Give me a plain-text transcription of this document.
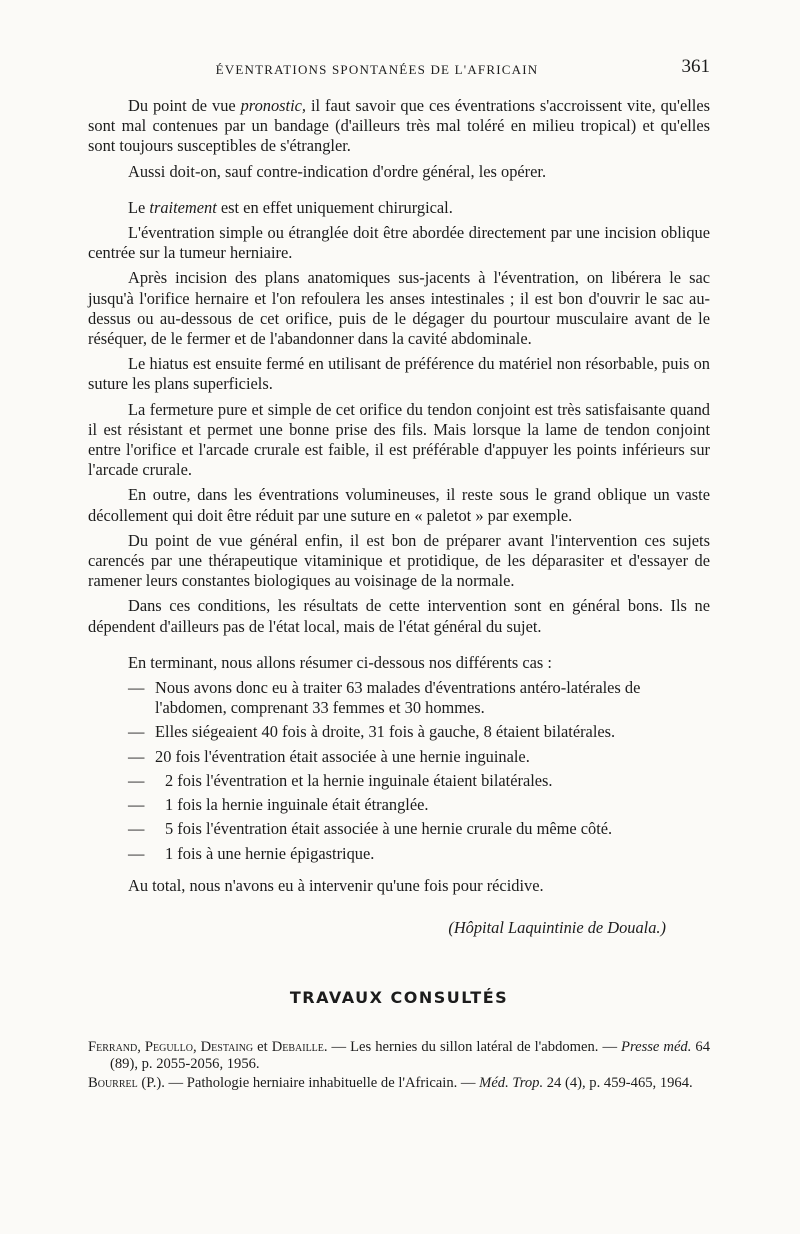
ÉVENTRATIONS SPONTANÉES DE L'AFRICAIN	361

Du point de vue pronostic, il faut savoir que ces éventrations s'accroissent vite, qu'elles sont mal contenues par un bandage (d'ailleurs très mal toléré en milieu tropical) et qu'elles sont toujours susceptibles de s'étrangler.

Aussi doit-on, sauf contre-indication d'ordre général, les opérer.

Le traitement est en effet uniquement chirurgical.

L'éventration simple ou étranglée doit être abordée directement par une incision oblique centrée sur la tumeur herniaire.

Après incision des plans anatomiques sus-jacents à l'éventration, on libérera le sac jusqu'à l'orifice hernaire et l'on refoulera les anses intestinales ; il est bon d'ouvrir le sac au-dessus ou au-dessous de cet orifice, puis de le dégager du pourtour musculaire avant de le réséquer, de le fermer et de l'abandonner dans la cavité abdominale.

Le hiatus est ensuite fermé en utilisant de préférence du matériel non résorbable, puis on suture les plans superficiels.

La fermeture pure et simple de cet orifice du tendon conjoint est très satisfaisante quand il est résistant et permet une bonne prise des fils. Mais lorsque la lame de tendon conjoint entre l'orifice et l'arcade crurale est faible, il est préférable d'appuyer les points inférieurs sur l'arcade crurale.

En outre, dans les éventrations volumineuses, il reste sous le grand oblique un vaste décollement qui doit être réduit par une suture en « paletot » par exemple.

Du point de vue général enfin, il est bon de préparer avant l'intervention ces sujets carencés par une thérapeutique vitaminique et protidique, de les déparasiter et d'essayer de ramener leurs constantes biologiques au voisinage de la normale.

Dans ces conditions, les résultats de cette intervention sont en général bons. Ils ne dépendent d'ailleurs pas de l'état local, mais de l'état général du sujet.

En terminant, nous allons résumer ci-dessous nos différents cas :

— Nous avons donc eu à traiter 63 malades d'éventrations antéro-latérales de l'abdomen, comprenant 33 femmes et 30 hommes.
— Elles siégeaient 40 fois à droite, 31 fois à gauche, 8 étaient bilatérales.
— 20 fois l'éventration était associée à une hernie inguinale.
— 2 fois l'éventration et la hernie inguinale étaient bilatérales.
— 1 fois la hernie inguinale était étranglée.
— 5 fois l'éventration était associée à une hernie crurale du même côté.
— 1 fois à une hernie épigastrique.

Au total, nous n'avons eu à intervenir qu'une fois pour récidive.

(Hôpital Laquintinie de Douala.)
TRAVAUX CONSULTÉS
Ferrand, Pegullo, Destaing et Debaille. — Les hernies du sillon latéral de l'abdomen. — Presse méd. 64 (89), p. 2055-2056, 1956.
Bourrel (P.). — Pathologie herniaire inhabituelle de l'Africain. — Méd. Trop. 24 (4), p. 459-465, 1964.
